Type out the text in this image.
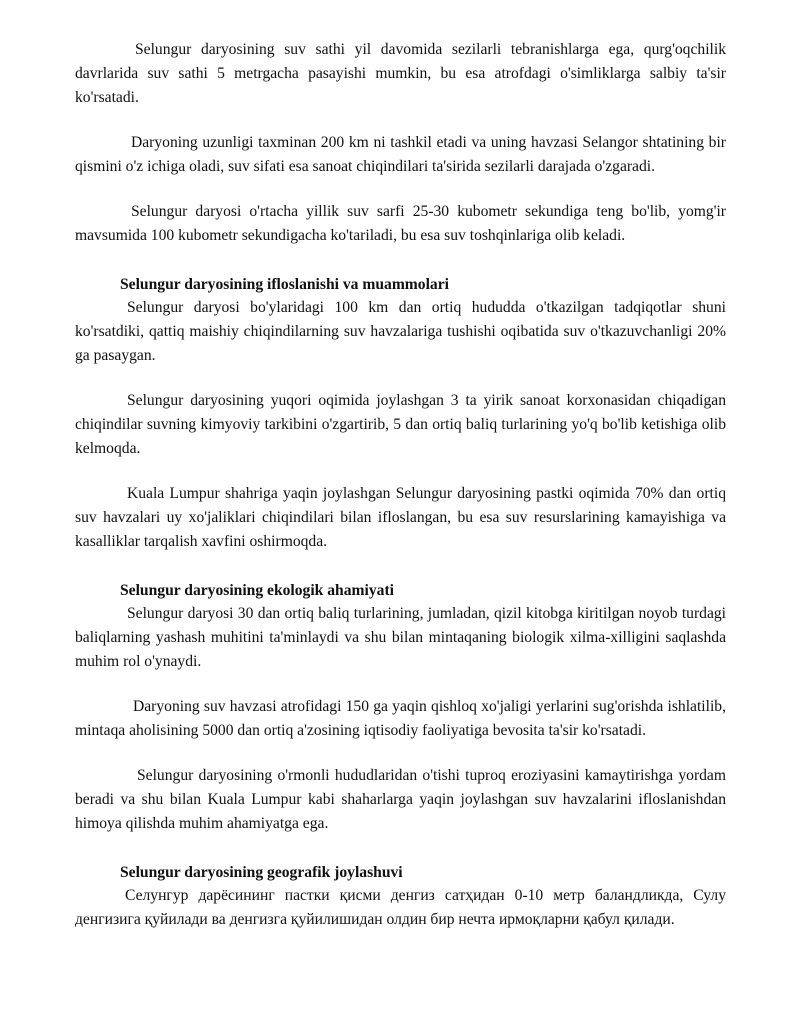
Selungur daryosining suv sathi yil davomida sezilarli tebranishlarga ega, qurg'oqchilik davrlarida suv sathi 5 metrgacha pasayishi mumkin, bu esa atrofdagi o'simliklarga salbiy ta'sir ko'rsatadi.

Daryoning uzunligi taxminan 200 km ni tashkil etadi va uning havzasi Selangor shtatining bir qismini o'z ichiga oladi, suv sifati esa sanoat chiqindilari ta'sirida sezilarli darajada o'zgaradi.

Selungur daryosi o'rtacha yillik suv sarfi 25-30 kubometr sekundiga teng bo'lib, yomg'ir mavsumida 100 kubometr sekundigacha ko'tariladi, bu esa suv toshqinlariga olib keladi.

Selungur daryosining ifloslanishi va muammolari

Selungur daryosi bo'ylaridagi 100 km dan ortiq hududda o'tkazilgan tadqiqotlar shuni ko'rsatdiki, qattiq maishiy chiqindilarning suv havzalariga tushishi oqibatida suv o'tkazuvchanligi 20% ga pasaygan.

Selungur daryosining yuqori oqimida joylashgan 3 ta yirik sanoat korxonasidan chiqadigan chiqindilar suvning kimyoviy tarkibini o'zgartirib, 5 dan ortiq baliq turlarining yo'q bo'lib ketishiga olib kelmoqda.

Kuala Lumpur shahriga yaqin joylashgan Selungur daryosining pastki oqimida 70% dan ortiq suv havzalari uy xo'jaliklari chiqindilari bilan ifloslangan, bu esa suv resurslarining kamayishiga va kasalliklar tarqalish xavfini oshirmoqda.

Selungur daryosining ekologik ahamiyati

Selungur daryosi 30 dan ortiq baliq turlarining, jumladan, qizil kitobga kiritilgan noyob turdagi baliqlarning yashash muhitini ta'minlaydi va shu bilan mintaqaning biologik xilma-xilligini saqlashda muhim rol o'ynaydi.

Daryoning suv havzasi atrofidagi 150 ga yaqin qishloq xo'jaligi yerlarini sug'orishda ishlatilib, mintaqa aholisining 5000 dan ortiq a'zosining iqtisodiy faoliyatiga bevosita ta'sir ko'rsatadi.

Selungur daryosining o'rmonli hududlaridan o'tishi tuproq eroziyasini kamaytirishga yordam beradi va shu bilan Kuala Lumpur kabi shaharlarga yaqin joylashgan suv havzalarini ifloslanishdan himoya qilishda muhim ahamiyatga ega.

Selungur daryosining geografik joylashuvi

Селунгур дарёсининг пастки қисми денгиз сатҳидан 0-10 метр баландликда, Сулу денгизига қуйилади ва денгизга қуйилишидан олдин бир нечта ирмоқларни қабул қилади.
